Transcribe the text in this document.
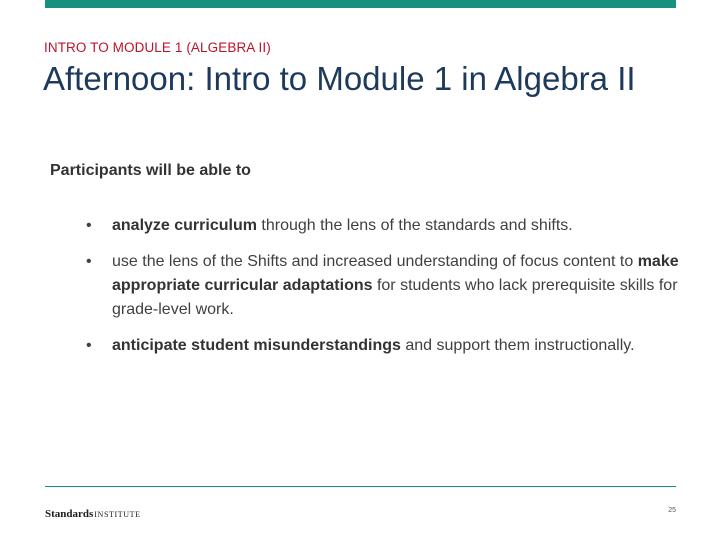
INTRO TO MODULE 1 (ALGEBRA II)
Afternoon: Intro to Module 1 in Algebra II
Participants will be able to
• analyze curriculum through the lens of the standards and shifts.
• use the lens of the Shifts and increased understanding of focus content to make appropriate curricular adaptations for students who lack prerequisite skills for grade-level work.
• anticipate student misunderstandings and support them instructionally.
StandardsINSTITUTE	25
